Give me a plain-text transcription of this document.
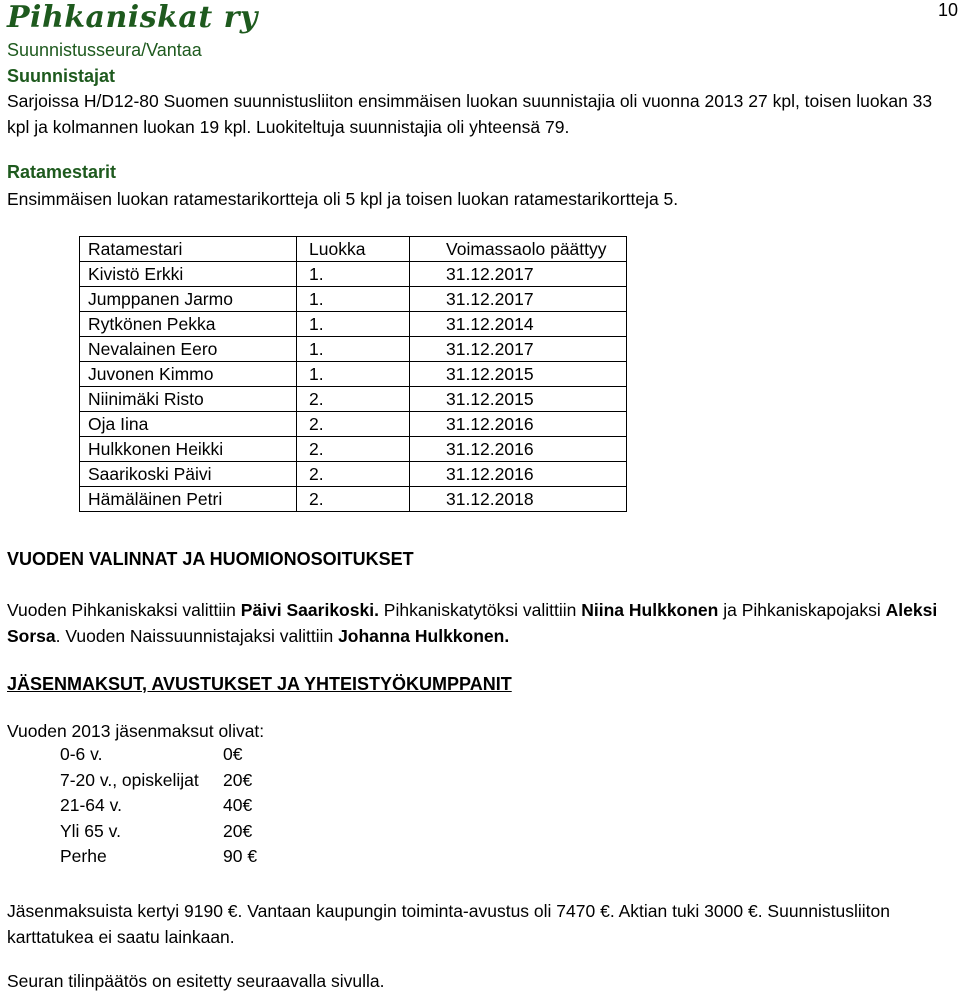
10
Pihkaniskat ry
Suunnistusseura/Vantaa
Suunnistajat
Sarjoissa H/D12-80 Suomen suunnistusliiton ensimmäisen luokan suunnistajia oli vuonna 2013 27 kpl, toisen luokan 33 kpl ja kolmannen luokan 19 kpl. Luokiteltuja suunnistajia oli yhteensä 79.
Ratamestarit
Ensimmäisen luokan ratamestarikortteja oli 5 kpl ja toisen luokan ratamestarikortteja 5.
Ratamestari	Luokka	Voimassaolo päättyy
Kivistö Erkki	1.	31.12.2017
Jumppanen Jarmo	1.	31.12.2017
Rytkönen Pekka	1.	31.12.2014
Nevalainen Eero	1.	31.12.2017
Juvonen Kimmo	1.	31.12.2015
Niinimäki Risto	2.	31.12.2015
Oja Iina	2.	31.12.2016
Hulkkonen Heikki	2.	31.12.2016
Saarikoski Päivi	2.	31.12.2016
Hämäläinen Petri	2.	31.12.2018
VUODEN VALINNAT JA HUOMIONOSOITUKSET
Vuoden Pihkaniskaksi valittiin Päivi Saarikoski. Pihkaniskatytöksi valittiin Niina Hulkkonen ja Pihkaniskapojaksi Aleksi Sorsa. Vuoden Naissuunnistajaksi valittiin Johanna Hulkkonen.
JÄSENMAKSUT, AVUSTUKSET JA YHTEISTYÖKUMPPANIT
Vuoden 2013 jäsenmaksut olivat:
0-6 v.	0€
7-20 v., opiskelijat	20€
21-64 v.	40€
Yli 65 v.	20€
Perhe	90 €
Jäsenmaksuista kertyi 9190 €. Vantaan kaupungin toiminta-avustus oli 7470 €. Aktian tuki 3000 €. Suunnistusliiton karttatukea ei saatu lainkaan.
Seuran tilinpäätös on esitetty seuraavalla sivulla.
